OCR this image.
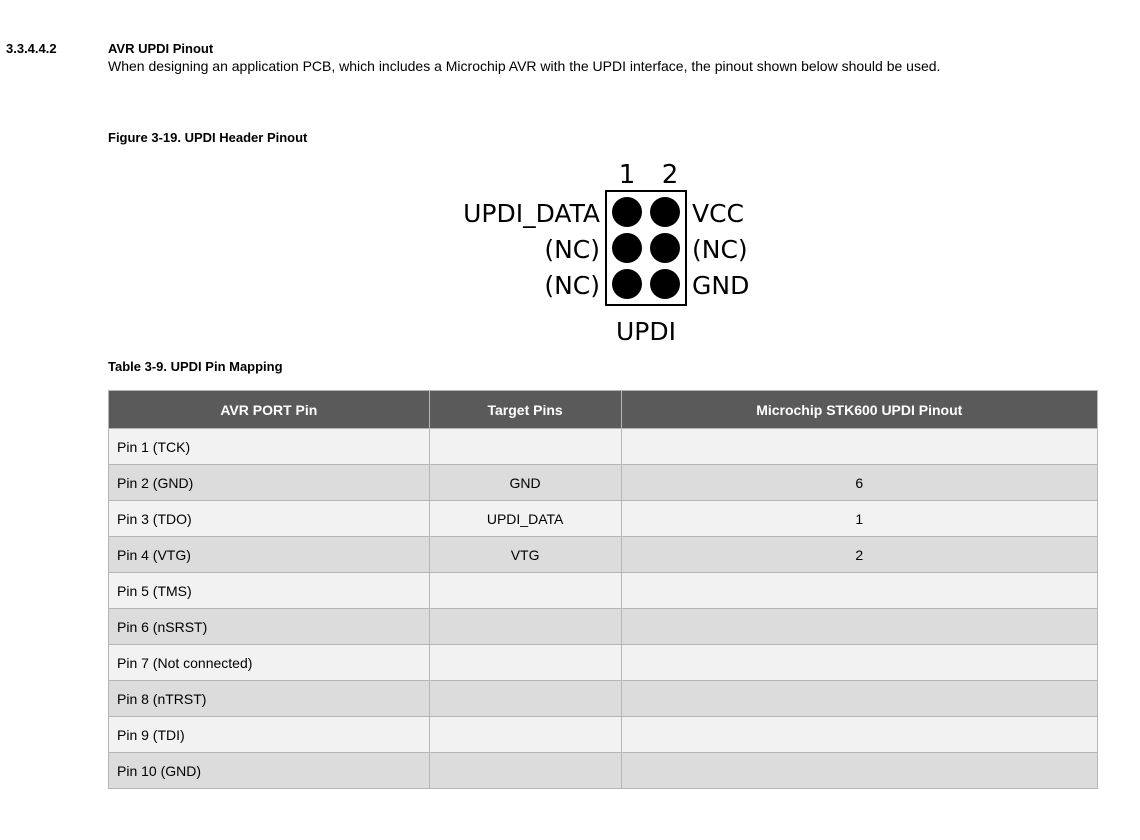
3.3.4.4.2	AVR UPDI Pinout
When designing an application PCB, which includes a Microchip AVR with the UPDI interface, the pinout shown below should be used.
Figure 3-19. UPDI Header Pinout
1 2
UPDI_DATA
(NC)
(NC)
VCC
(NC)
GND
UPDI
Table 3-9. UPDI Pin Mapping
AVR PORT Pin	Target Pins	Microchip STK600 UPDI Pinout
Pin 1 (TCK)		
Pin 2 (GND)	GND	6
Pin 3 (TDO)	UPDI_DATA	1
Pin 4 (VTG)	VTG	2
Pin 5 (TMS)		
Pin 6 (nSRST)		
Pin 7 (Not connected)		
Pin 8 (nTRST)		
Pin 9 (TDI)		
Pin 10 (GND)		
